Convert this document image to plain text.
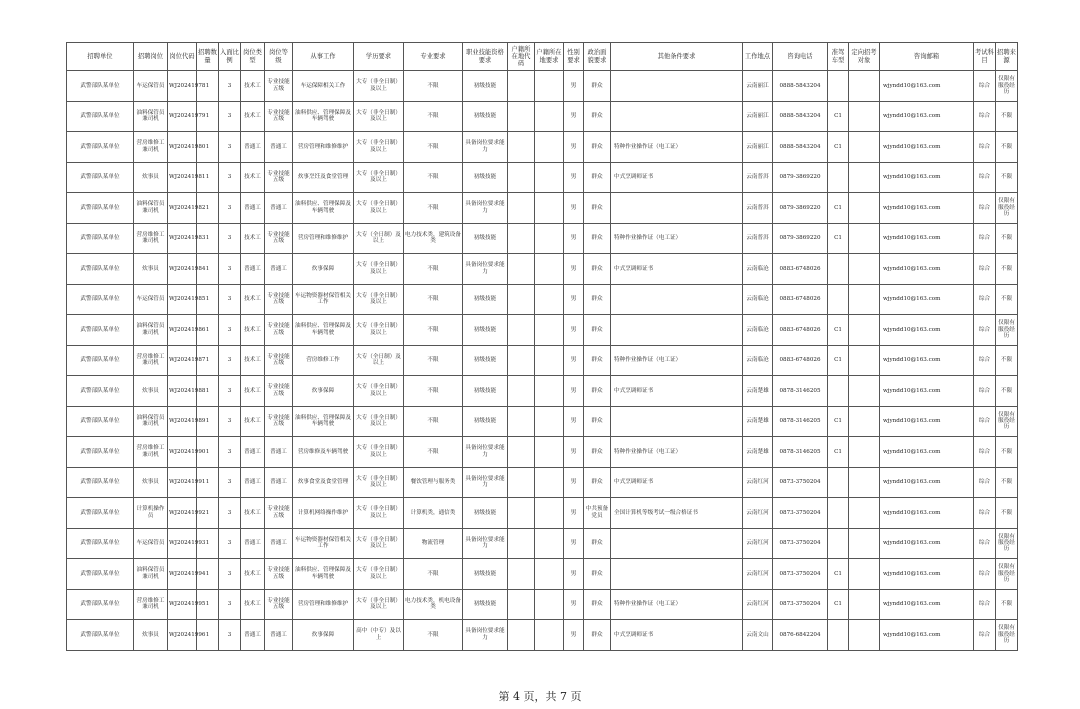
招聘单位	招聘岗位	岗位代码	招聘数量	入面比例	岗位类型	岗位等级	从事工作	学历要求	专业要求	职业技能资格要求	户籍所在地代码	户籍所在地要求	性别要求	政治面貌要求	其他条件要求	工作地点	咨询电话	准驾车型	定向招考对象	咨询邮箱	考试科目	招聘来源
武警部队某单位	车运保管员	WJ20241978	1	3	技术工	专业技能五级	车运保障相关工作	大专（非全日制）及以上	不限	初级技能			男	群众		云南丽江	0888-5843204			wjyndd10@163.com	综合	仅限有服役经历
武警部队某单位	油料保管员兼司机	WJ20241979	1	3	技术工	专业技能五级	油料供应、管理保障及车辆驾驶	大专（非全日制）及以上	不限	初级技能			男	群众		云南丽江	0888-5843204	C1		wjyndd10@163.com	综合	不限
武警部队某单位	营房维修工兼司机	WJ20241980	1	3	普通工	普通工	营房管理和维修维护	大专（非全日制）及以上	不限	具备岗位要求能力			男	群众	特种作业操作证（电工证）	云南丽江	0888-5843204	C1		wjyndd10@163.com	综合	不限
武警部队某单位	炊事员	WJ20241981	1	3	技术工	专业技能五级	炊事烹饪及食堂管理	大专（非全日制）及以上	不限	初级技能			男	群众	中式烹调师证书	云南普洱	0879-3869220			wjyndd10@163.com	综合	不限
武警部队某单位	油料保管员兼司机	WJ20241982	1	3	普通工	普通工	油料供应、管理保障及车辆驾驶	大专（非全日制）及以上	不限	具备岗位要求能力			男	群众		云南普洱	0879-3869220	C1		wjyndd10@163.com	综合	仅限有服役经历
武警部队某单位	营房维修工兼司机	WJ20241983	1	3	技术工	专业技能五级	营房管理和维修维护	大专（全日制）及以上	电力技术类，建筑设备类	初级技能			男	群众	特种作业操作证（电工证）	云南普洱	0879-3869220	C1		wjyndd10@163.com	综合	不限
武警部队某单位	炊事员	WJ20241984	1	3	普通工	普通工	炊事保障	大专（非全日制）及以上	不限	具备岗位要求能力			男	群众	中式烹调师证书	云南临沧	0883-6748026			wjyndd10@163.com	综合	不限
武警部队某单位	车运保管员	WJ20241985	1	3	技术工	专业技能五级	车运物资器材保管相关工作	大专（非全日制）及以上	不限	初级技能			男	群众		云南临沧	0883-6748026			wjyndd10@163.com	综合	不限
武警部队某单位	油料保管员兼司机	WJ20241986	1	3	技术工	专业技能五级	油料供应、管理保障及车辆驾驶	大专（非全日制）及以上	不限	初级技能			男	群众		云南临沧	0883-6748026	C1		wjyndd10@163.com	综合	仅限有服役经历
武警部队某单位	营房维修工兼司机	WJ20241987	1	3	技术工	专业技能五级	营房维修工作	大专（全日制）及以上	不限	初级技能			男	群众	特种作业操作证（电工证）	云南临沧	0883-6748026	C1		wjyndd10@163.com	综合	不限
武警部队某单位	炊事员	WJ20241988	1	3	技术工	专业技能五级	炊事保障	大专（非全日制）及以上	不限	初级技能			男	群众	中式烹调师证书	云南楚雄	0878-3146205			wjyndd10@163.com	综合	不限
武警部队某单位	油料保管员兼司机	WJ20241989	1	3	技术工	专业技能五级	油料供应、管理保障及车辆驾驶	大专（非全日制）及以上	不限	初级技能			男	群众		云南楚雄	0878-3146205	C1		wjyndd10@163.com	综合	仅限有服役经历
武警部队某单位	营房维修工兼司机	WJ20241990	1	3	普通工	普通工	营房维修及车辆驾驶	大专（非全日制）及以上	不限	具备岗位要求能力			男	群众	特种作业操作证（电工证）	云南楚雄	0878-3146205	C1		wjyndd10@163.com	综合	不限
武警部队某单位	炊事员	WJ20241991	1	3	普通工	普通工	炊事食堂及食堂管理	大专（非全日制）及以上	餐饮管理与服务类	具备岗位要求能力			男	群众	中式烹调师证书	云南红河	0873-3750204			wjyndd10@163.com	综合	不限
武警部队某单位	计算机操作员	WJ20241992	1	3	技术工	专业技能五级	计算机网络操作维护	大专（非全日制）及以上	计算机类，通信类	初级技能			男	中共预备党员	全国计算机等级考试一级合格证书	云南红河	0873-3750204			wjyndd10@163.com	综合	不限
武警部队某单位	车运保管员	WJ20241993	1	3	普通工	普通工	车运物资器材保管相关工作	大专（非全日制）及以上	物流管理	具备岗位要求能力			男	群众		云南红河	0873-3750204			wjyndd10@163.com	综合	仅限有服役经历
武警部队某单位	油料保管员兼司机	WJ20241994	1	3	技术工	专业技能五级	油料供应、管理保障及车辆驾驶	大专（非全日制）及以上	不限	初级技能			男	群众		云南红河	0873-3750204	C1		wjyndd10@163.com	综合	仅限有服役经历
武警部队某单位	营房维修工兼司机	WJ20241995	1	3	技术工	专业技能五级	营房管理和维修维护	大专（非全日制）及以上	电力技术类，机电设备类	初级技能			男	群众	特种作业操作证（电工证）	云南红河	0873-3750204	C1		wjyndd10@163.com	综合	不限
武警部队某单位	炊事员	WJ20241996	1	3	普通工	普通工	炊事保障	高中（中专）及以上	不限	具备岗位要求能力			男	群众	中式烹调师证书	云南文山	0876-6842204			wjyndd10@163.com	综合	仅限有服役经历
第 4 页，共 7 页
